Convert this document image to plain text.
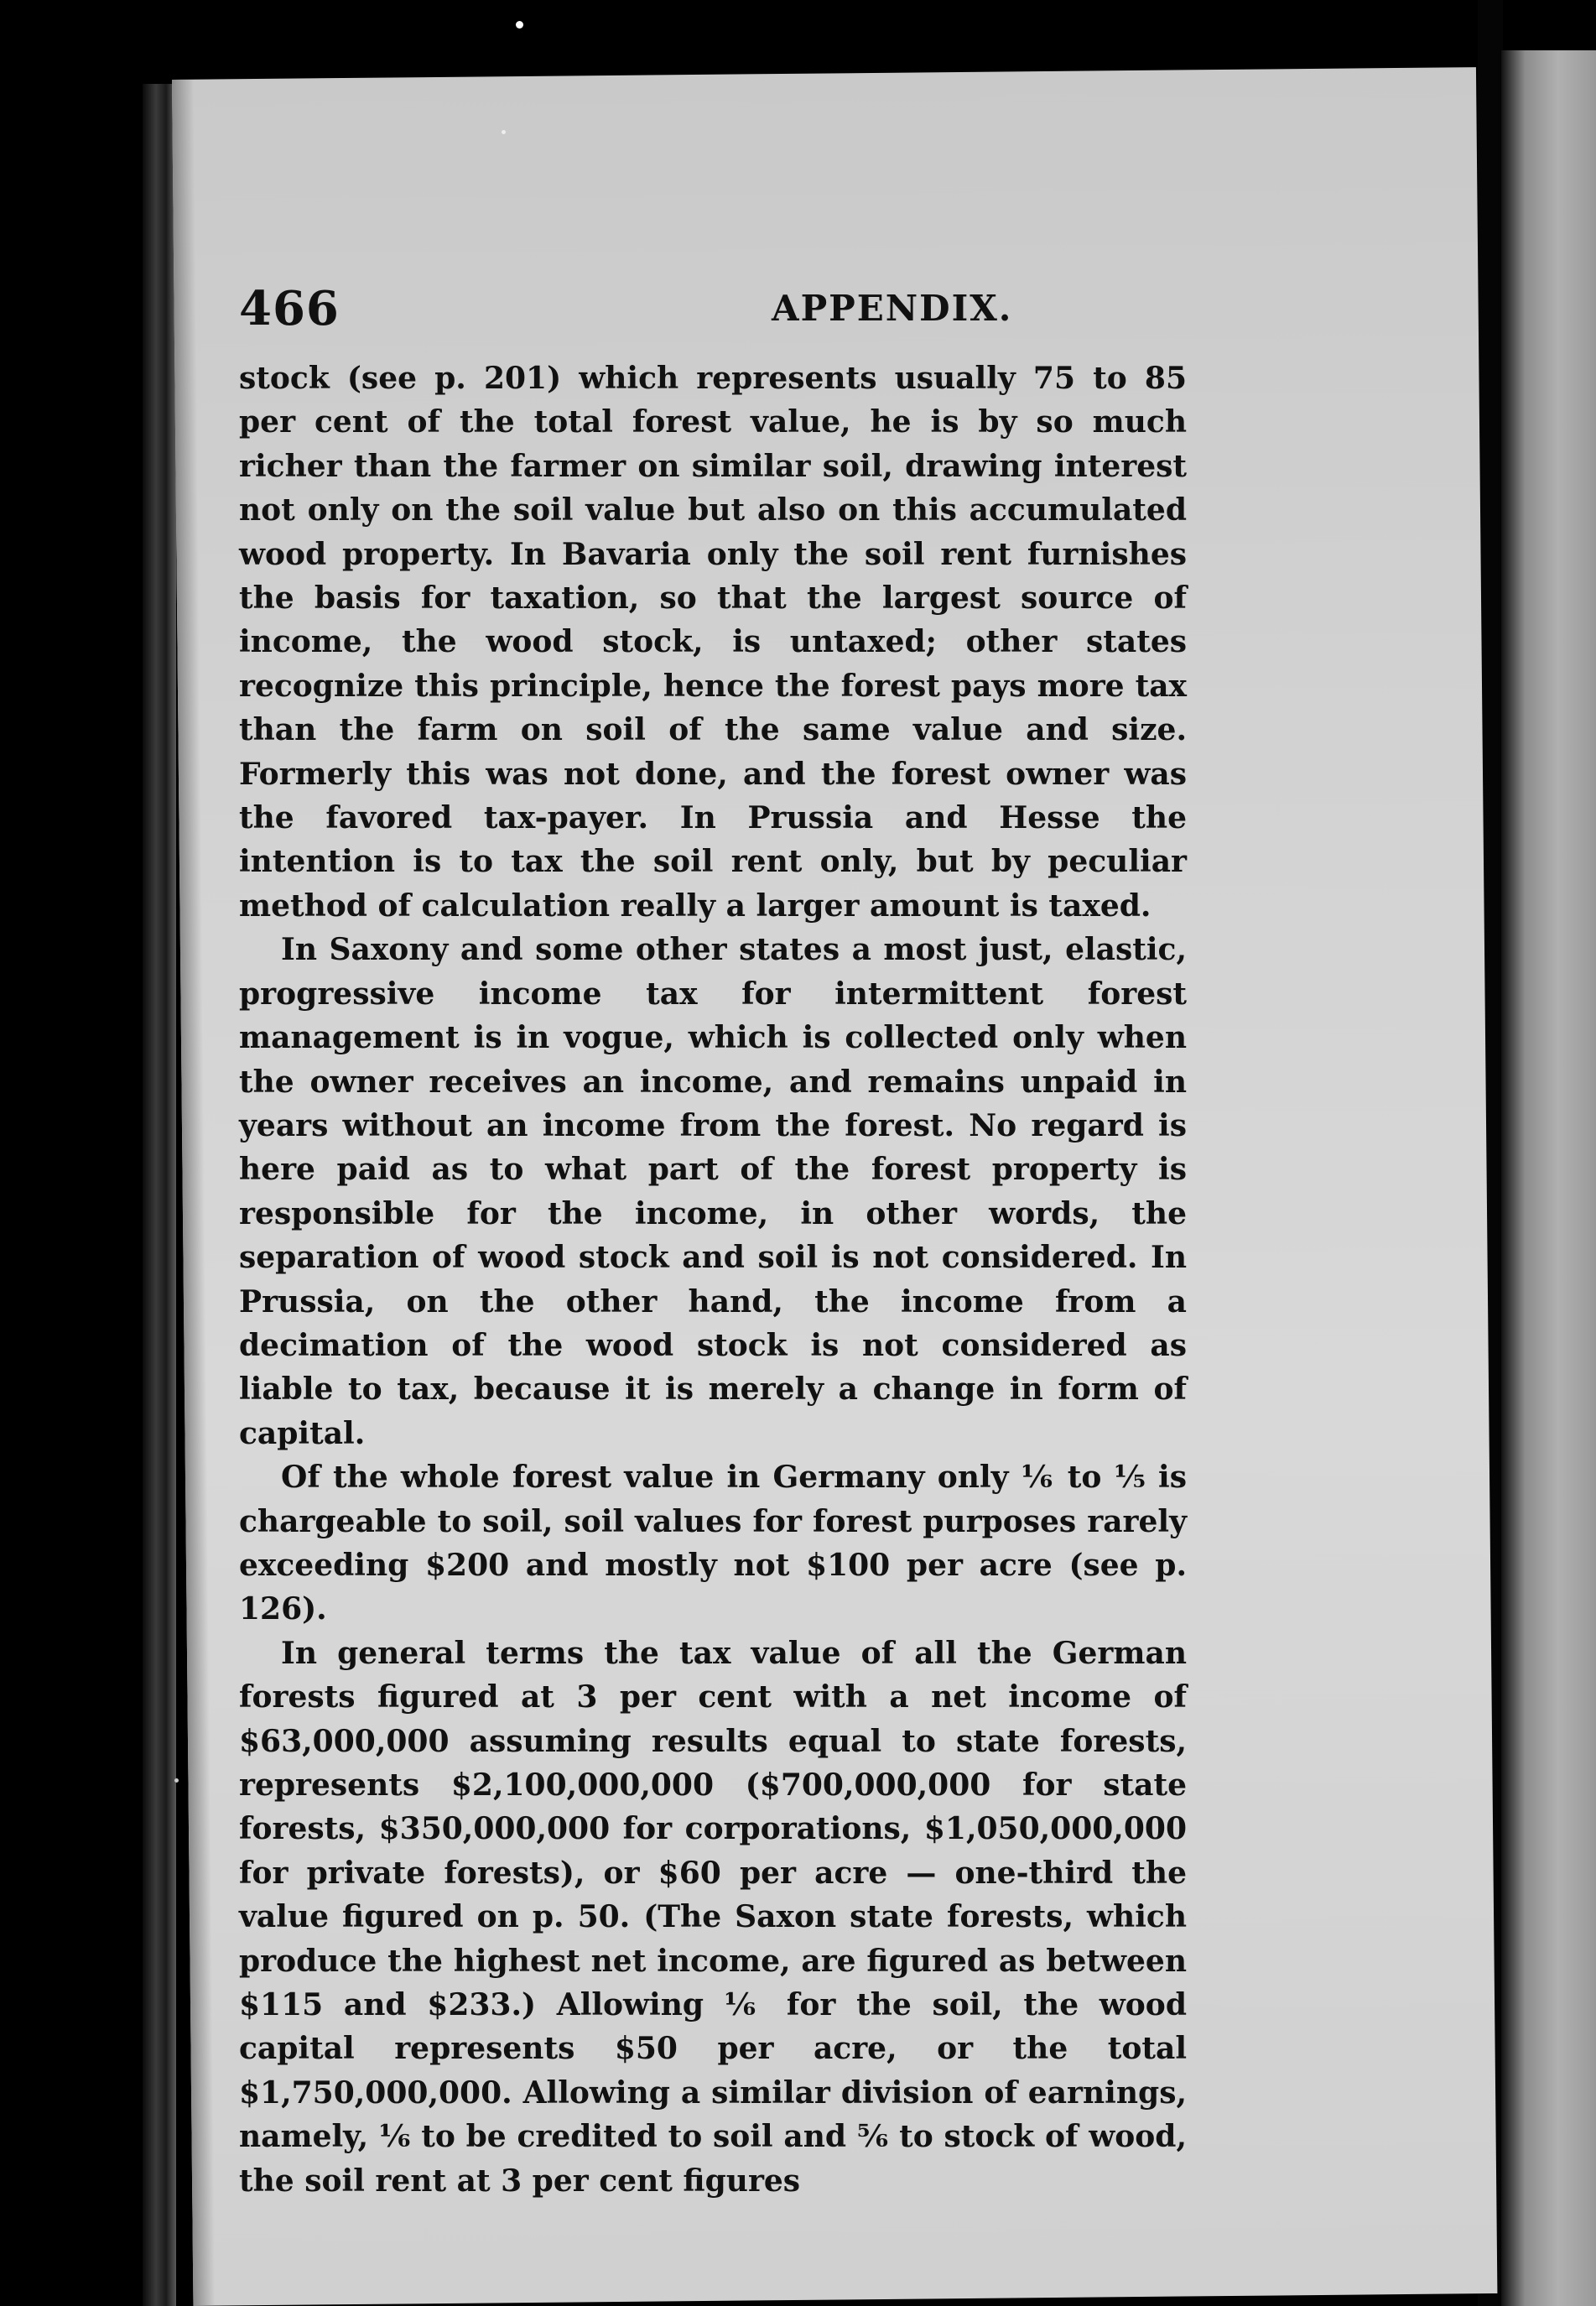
466	APPENDIX.

stock (see p. 201) which represents usually 75 to 85 per cent of the total forest value, he is by so much richer than the farmer on similar soil, drawing interest not only on the soil value but also on this accumulated wood property. In Bavaria only the soil rent furnishes the basis for taxation, so that the largest source of income, the wood stock, is untaxed; other states recognize this principle, hence the forest pays more tax than the farm on soil of the same value and size. Formerly this was not done, and the forest owner was the favored tax-payer. In Prussia and Hesse the intention is to tax the soil rent only, but by peculiar method of calculation really a larger amount is taxed.

In Saxony and some other states a most just, elastic, progressive income tax for intermittent forest management is in vogue, which is collected only when the owner receives an income, and remains unpaid in years without an income from the forest. No regard is here paid as to what part of the forest property is responsible for the income, in other words, the separation of wood stock and soil is not considered. In Prussia, on the other hand, the income from a decimation of the wood stock is not considered as liable to tax, because it is merely a change in form of capital.

Of the whole forest value in Germany only ⅙ to ⅕ is chargeable to soil, soil values for forest purposes rarely exceeding $200 and mostly not $100 per acre (see p. 126).

In general terms the tax value of all the German forests figured at 3 per cent with a net income of $63,000,000 assuming results equal to state forests, represents $2,100,000,000 ($700,000,000 for state forests, $350,000,000 for corporations, $1,050,000,000 for private forests), or $60 per acre — one-third the value figured on p. 50. (The Saxon state forests, which produce the highest net income, are figured as between $115 and $233.) Allowing ⅙ for the soil, the wood capital represents $50 per acre, or the total $1,750,000,000. Allowing a similar division of earnings, namely, ⅙ to be credited to soil and ⅚ to stock of wood, the soil rent at 3 per cent figures
